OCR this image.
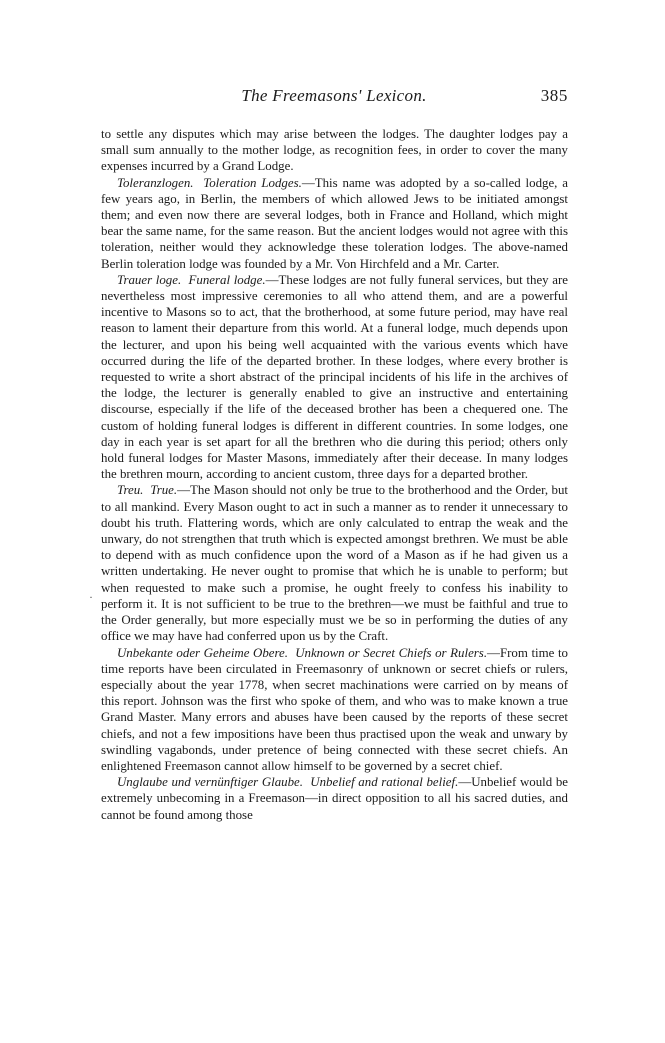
The Freemasons' Lexicon.	385
·

to settle any disputes which may arise between the lodges. The daughter lodges pay a small sum annually to the mother lodge, as recognition fees, in order to cover the many expenses incurred by a Grand Lodge.

Toleranzlogen. Toleration Lodges.—This name was adopted by a so-called lodge, a few years ago, in Berlin, the members of which allowed Jews to be initiated amongst them; and even now there are several lodges, both in France and Holland, which might bear the same name, for the same reason. But the ancient lodges would not agree with this toleration, neither would they acknowledge these toleration lodges. The above-named Berlin toleration lodge was founded by a Mr. Von Hirchfeld and a Mr. Carter.

Trauer loge. Funeral lodge.—These lodges are not fully funeral services, but they are nevertheless most impressive ceremonies to all who attend them, and are a powerful incentive to Masons so to act, that the brotherhood, at some future period, may have real reason to lament their departure from this world. At a funeral lodge, much depends upon the lecturer, and upon his being well acquainted with the various events which have occurred during the life of the departed brother. In these lodges, where every brother is requested to write a short abstract of the principal incidents of his life in the archives of the lodge, the lecturer is generally enabled to give an instructive and entertaining discourse, especially if the life of the deceased brother has been a chequered one. The custom of holding funeral lodges is different in different countries. In some lodges, one day in each year is set apart for all the brethren who die during this period; others only hold funeral lodges for Master Masons, immediately after their decease. In many lodges the brethren mourn, according to ancient custom, three days for a departed brother.

Treu. True.—The Mason should not only be true to the brotherhood and the Order, but to all mankind. Every Mason ought to act in such a manner as to render it unnecessary to doubt his truth. Flattering words, which are only calculated to entrap the weak and the unwary, do not strengthen that truth which is expected amongst brethren. We must be able to depend with as much confidence upon the word of a Mason as if he had given us a written undertaking. He never ought to promise that which he is unable to perform; but when requested to make such a promise, he ought freely to confess his inability to perform it. It is not sufficient to be true to the brethren—we must be faithful and true to the Order generally, but more especially must we be so in performing the duties of any office we may have had conferred upon us by the Craft.

Unbekante oder Geheime Obere. Unknown or Secret Chiefs or Rulers.—From time to time reports have been circulated in Freemasonry of unknown or secret chiefs or rulers, especially about the year 1778, when secret machinations were carried on by means of this report. Johnson was the first who spoke of them, and who was to make known a true Grand Master. Many errors and abuses have been caused by the reports of these secret chiefs, and not a few impositions have been thus practised upon the weak and unwary by swindling vagabonds, under pretence of being connected with these secret chiefs. An enlightened Freemason cannot allow himself to be governed by a secret chief.

Unglaube und vernünftiger Glaube. Unbelief and rational belief.—Unbelief would be extremely unbecoming in a Freemason—in direct opposition to all his sacred duties, and cannot be found among those
